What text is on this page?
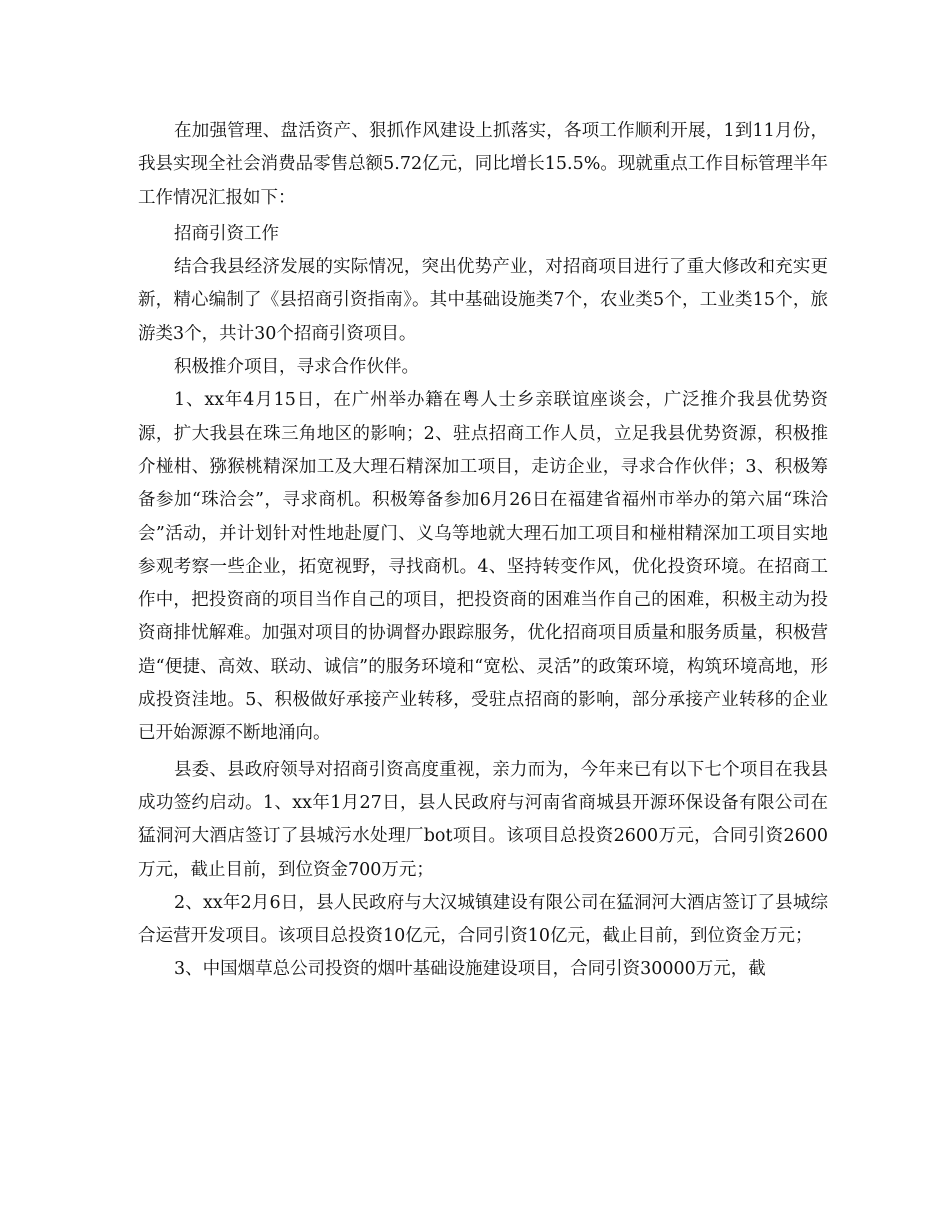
在加强管理、盘活资产、狠抓作风建设上抓落实，各项工作顺利开展，1到11月份，我县实现全社会消费品零售总额5.72亿元，同比增长15.5%。现就重点工作目标管理半年工作情况汇报如下：

招商引资工作

结合我县经济发展的实际情况，突出优势产业，对招商项目进行了重大修改和充实更新，精心编制了《县招商引资指南》。其中基础设施类7个，农业类5个，工业类15个，旅游类3个，共计30个招商引资项目。

积极推介项目，寻求合作伙伴。

1、xx年4月15日，在广州举办籍在粤人士乡亲联谊座谈会，广泛推介我县优势资源，扩大我县在珠三角地区的影响；2、驻点招商工作人员，立足我县优势资源，积极推介椪柑、猕猴桃精深加工及大理石精深加工项目，走访企业，寻求合作伙伴；3、积极筹备参加“珠洽会”，寻求商机。积极筹备参加6月26日在福建省福州市举办的第六届“珠洽会”活动，并计划针对性地赴厦门、义乌等地就大理石加工项目和椪柑精深加工项目实地参观考察一些企业，拓宽视野，寻找商机。4、坚持转变作风，优化投资环境。在招商工作中，把投资商的项目当作自己的项目，把投资商的困难当作自己的困难，积极主动为投资商排忧解难。加强对项目的协调督办跟踪服务，优化招商项目质量和服务质量，积极营造“便捷、高效、联动、诚信”的服务环境和“宽松、灵活”的政策环境，构筑环境高地，形成投资洼地。5、积极做好承接产业转移，受驻点招商的影响，部分承接产业转移的企业已开始源源不断地涌向。

县委、县政府领导对招商引资高度重视，亲力而为，今年来已有以下七个项目在我县成功签约启动。1、xx年1月27日，县人民政府与河南省商城县开源环保设备有限公司在猛洞河大酒店签订了县城污水处理厂bot项目。该项目总投资2600万元，合同引资2600万元，截止目前，到位资金700万元；

2、xx年2月6日，县人民政府与大汉城镇建设有限公司在猛洞河大酒店签订了县城综合运营开发项目。该项目总投资10亿元，合同引资10亿元，截止目前，到位资金万元；

3、中国烟草总公司投资的烟叶基础设施建设项目，合同引资30000万元，截
